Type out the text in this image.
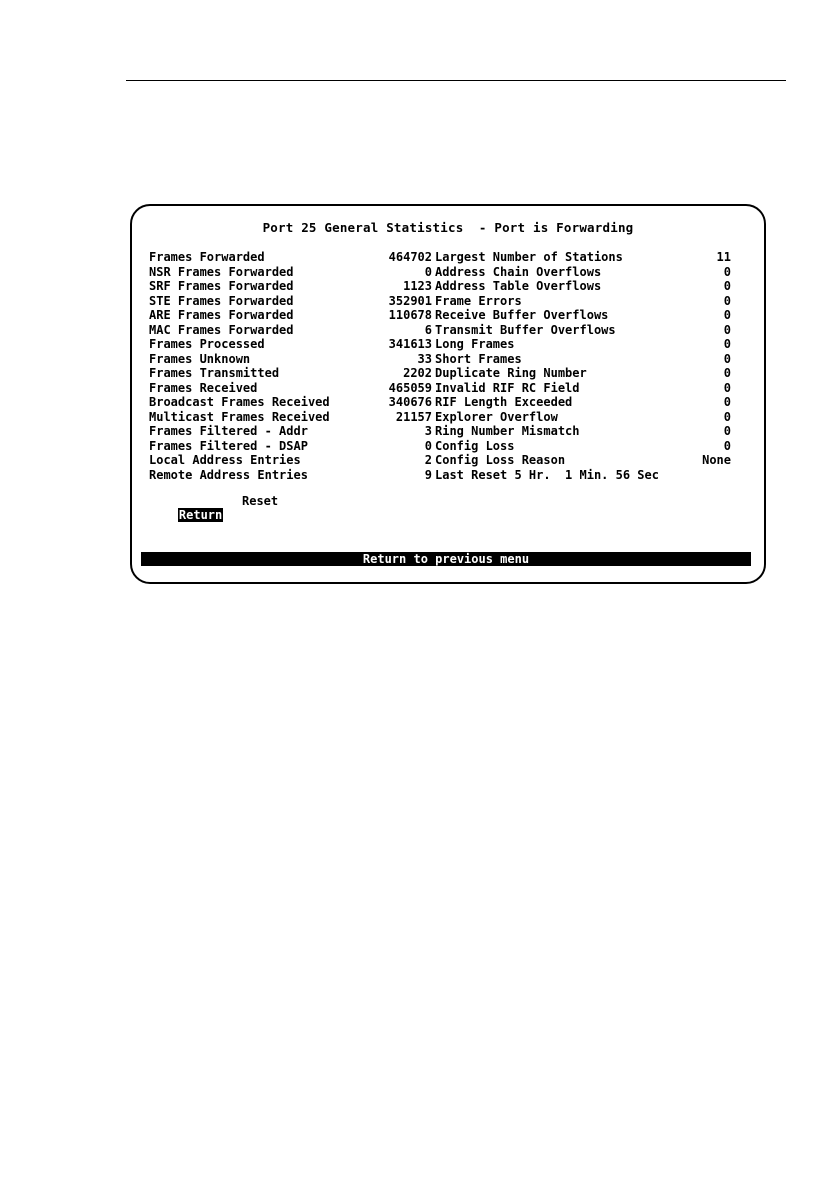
Port 25 General Statistics  - Port is Forwarding
Frames Forwarded	464702 Largest Number of Stations	11
NSR Frames Forwarded	0 Address Chain Overflows	0
SRF Frames Forwarded	1123 Address Table Overflows	0
STE Frames Forwarded	352901 Frame Errors	0
ARE Frames Forwarded	110678 Receive Buffer Overflows	0
MAC Frames Forwarded	6 Transmit Buffer Overflows	0
Frames Processed	341613 Long Frames	0
Frames Unknown	33 Short Frames	0
Frames Transmitted	2202 Duplicate Ring Number	0
Frames Received	465059 Invalid RIF RC Field	0
Broadcast Frames Received	340676 RIF Length Exceeded	0
Multicast Frames Received	21157 Explorer Overflow	0
Frames Filtered - Addr	3 Ring Number Mismatch	0
Frames Filtered - DSAP	0 Config Loss	0
Local Address Entries	2 Config Loss Reason	None
Remote Address Entries	9 Last Reset 5 Hr.  1 Min. 56 Sec

Return

Reset

Return to previous menu
